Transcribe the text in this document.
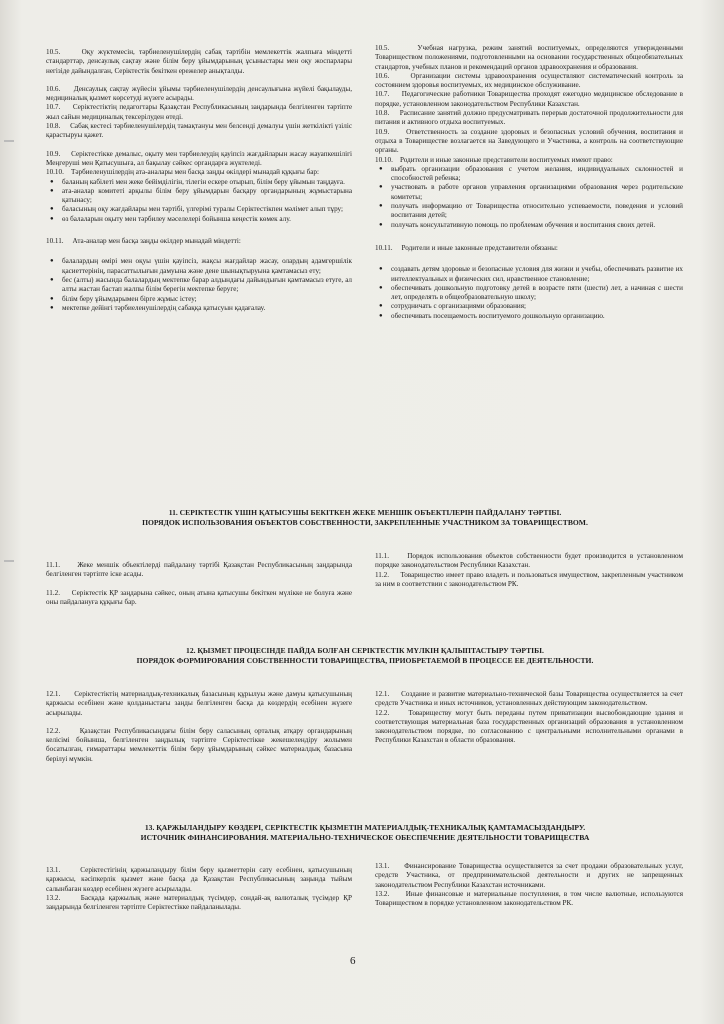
10.5.     Оқу жүктемесін, тәрбиеленушілердің сабақ тәртібін мемлекеттік жалпыға міндетті стандарттар, денсаулық сақтау және білім беру ұйымдарының ұсыныстары мен оқу жоспарлары негізіде дайындалған, Серіктестік бекіткен ережелер анықталды.

10.6.     Денсаулық сақтау жүйесін ұйымы тәрбиеленушілердің денсаулығына жүйелі бақылауды, медициналық қызмет көрсетуді жүзеге асырады.

10.7.     Серіктестіктің педагогтары Қазақстан Республикасының заңдарында белгіленген тәртіпте жыл сайын медициналық тексерілуден өтеді.

10.8.     Сабақ кестесі тәрбиеленушілердің тамақтануы мен белсенді демалуы үшін жеткілікті үзіліс қарастыруы қажет.

10.9.     Серіктестікке демалыс, оқыту мен тәрбиелеудің қауіпсіз жағдайларын жасау жауапкешілігі Меңгеруші мен Қатысушыға, ал бақылау сәйкес органдарға жүктеледі.

10.10.    Тәрбиеленушілердің ата-аналары мен басқа заңды өкілдері мынадай құқығы бар:

● баланың кабілеті мен жеке бейімділігін, тілегін ескере отырып, білім беру ұйымын таңдауға.
● ата-аналар комитеті арқылы білім беру ұйымдарын басқару органдарының жұмыстарына қатынасу;
● баласының оқу жағдайлары мен тәртібі, үлгерімі туралы Серіктестікпен мәлімет алып тұру;
● өз балаларын оқыту мен тәрбилеу мәселелері бойынша кеңестік көмек алу.

10.11.     Ата-аналар мен басқа заңды өкілдер мынадай міндетті:

● балалардың өмірі мен оқуы үшін қауіпсіз, жақсы жағдайлар жасау, олардың адамгершілік қасиеттерінің, парасаттылығын дамуына және дене шынықтыруына қамтамасыз ету;
● бес (алты) жасында балалардың мектепке барар алдындағы дайындығын қамтамасыз етуге, ал алты жастан бастап жалпы білім берегін мектепке беруге;
● білім беру ұйымдарымен бірге жұмыс істеу;
● мектепке дейінгі тәрбиеленушілердің сабаққа қатысуын қадағалау.

10.5.     Учебная нагрузка, режим занятий воспитуемых, определяются утвержденными Товариществом положениями, подготовленными на основании государственных общеобязательных стандартов, учебных планов и рекомендаций органов здравоохранения и образования.

10.6.     Организации системы здравоохранения осуществляют систематический контроль за состоянием здоровья воспитуемых, их медицинское обслуживание.

10.7.     Педагогические работники Товарищества проходят ежегодно медицинское обследование в порядке, установленном законодательством Республики Казахстан.

10.8.     Расписание занятий должно предусматривать перерыв достаточной продолжительности для питания и активного отдыха воспитуемых.

10.9.     Ответственность за создание здоровых и безопасных условий обучения, воспитания и отдыха в Товариществе возлагается на Заведующего и Участника, а контроль на соответствующие органы.

10.10.    Родители и иные законные представители воспитуемых имеют право:

● выбрать организации образования с учетом желания, индивидуальных склонностей и способностей ребенка;
● участвовать в работе органов управления организациями образования через родительские комитеты;
● получать информацию от Товарищества относительно успеваемости, поведения и условий воспитания детей;
● получать консультативную помощь по проблемам обучения и воспитания своих детей.

10.11.     Родители и иные законные представители обязаны:

● создавать детям здоровые и безопасные условия для жизни и учебы, обеспечивать развитие их интеллектуальных и физических сил, нравственное становление;
● обеспечивать дошкольную подготовку детей в возрасте пяти (шести) лет, а начиная с шести лет, определять в общеобразовательную школу;
● сотрудничать с организациями образования;
● обеспечивать посещаемость воспитуемого дошкольную организацию.

11. СЕРІКТЕСТІК ҮШІН ҚАТЫСУШЫ БЕКІТКЕН ЖЕКЕ МЕНШІК ОБЪЕКТІЛЕРІН ПАЙДАЛАНУ ТӘРТІБІ.

ПОРЯДОК ИСПОЛЬЗОВАНИЯ ОБЪЕКТОВ СОБСТВЕННОСТИ, ЗАКРЕПЛЕННЫЕ УЧАСТНИКОМ ЗА ТОВАРИЩЕСТВОМ.

11.1.     Жеке меншік объектілерді пайдалану тәртібі Қазақстан Республикасының заңдарында белгіленген тәртіпте іске асады.

11.2.     Серіктестік ҚР заңдарына сәйкес, оның атына қатысушы бекіткен мүлікке не болуға және оны пайдалануға құқығы бар.

11.1.     Порядок использования объектов собственности будет производится в установленном порядке законодательством Республики Казахстан.

11.2.     Товарищество имеет право владеть и пользоваться имуществом, закрепленным участником за ним в соответствии с законодательством РК.

12. ҚЫЗМЕТ ПРОЦЕСІНДЕ ПАЙДА БОЛҒАН СЕРІКТЕСТІК МҮЛКІН ҚАЛЫПТАСТЫРУ ТӘРТІБІ.

ПОРЯДОК ФОРМИРОВАНИЯ СОБСТВЕННОСТИ ТОВАРИЩЕСТВА, ПРИОБРЕТАЕМОЙ В ПРОЦЕССЕ ЕЕ ДЕЯТЕЛЬНОСТИ.

12.1.     Серіктестіктің материалдық-техникалық базасының құрылуы және дамуы қатысушының қаржысы есебінен және қолданыстағы заңды белгіленген басқа да көздердің есебінен жүзеге асырылады.

12.2.     Қазақстан Республикасындағы білім беру саласының орталық атқару органдарының келісімі бойынша, белгіленген заңдылық тәртіпте Серіктестікке жекешелендіру жолымен босатылған, ғимараттары мемлекеттік білім беру ұйымдарының сәйкес материалдық базасына берілуі мүмкін.

12.1.     Создание и развитие материально-технической базы Товарищества осуществляется за счет средств Участника и иных источников, установленных действующим законодательством.

12.2.     Товариществу могут быть переданы путем приватизации высвобождающие здания и соответствующая материальная база государственных организаций образования в установленном законодательством порядке, по согласованию с центральными исполнительными органами в Республики Казахстан в области образования.

13. ҚАРЖЫЛАНДЫРУ КӨЗДЕРІ, СЕРІКТЕСТІК ҚЫЗМЕТІН МАТЕРИАЛДЫҚ-ТЕХНИКАЛЫҚ ҚАМТАМАСЫЗДАНДЫРУ.

ИСТОЧНИК ФИНАНСИРОВАНИЯ. МАТЕРИАЛЬНО-ТЕХНИЧЕСКОЕ ОБЕСПЕЧЕНИЕ ДЕЯТЕЛЬНОСТИ ТОВАРИЩЕСТВА

13.1.     Серіктестігінің қаржыландыру білім беру қызметтерін сату есебінен, қатысушының қаржысы, кәсіпкерлік қызмет және басқа да Қазақстан Республикасының заңында тыйым салынбаған көздер есебінен жүзеге асырылады.

13.2.     Басқада қаржылық және материалдық түсімдер, сондай-ақ валюталық түсімдер ҚР заңдарында белгіленген тәртіпте Серіктестікке пайдаланылады.

13.1.     Финансирование Товарищества осуществляется за счет продажи образовательных услуг, средств Участника, от предпринимательской деятельности и других не запрещенных законодательством Республики Казахстан источниками.

13.2.     Иные финансовые и материальные поступления, в том числе валютные, используются Товариществом в порядке установленном законодательством РК.

6
